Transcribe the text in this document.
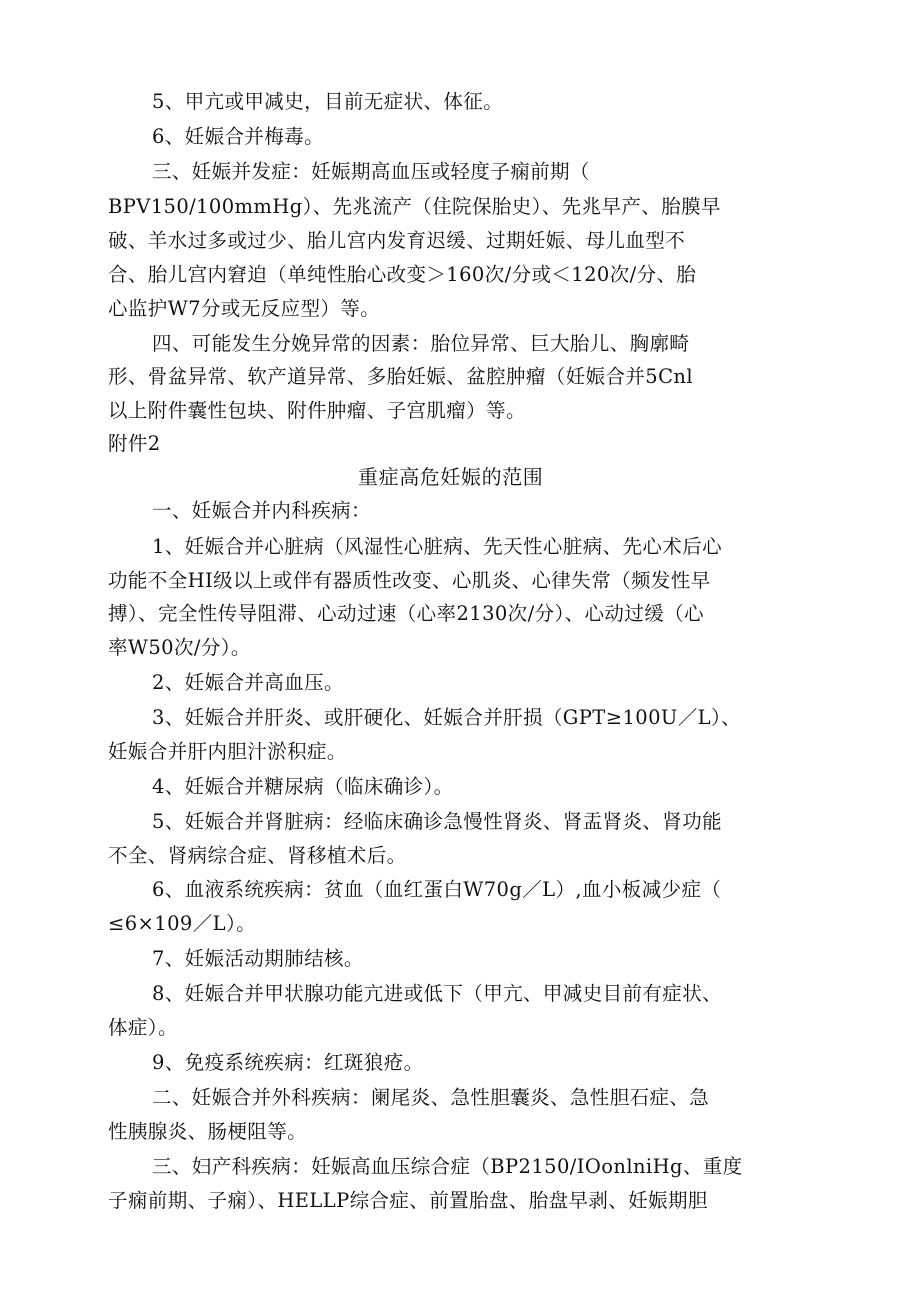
5、甲亢或甲减史，目前无症状、体征。
6、妊娠合并梅毒。
三、妊娠并发症：妊娠期高血压或轻度子痫前期（
BPV150/100mmHg）、先兆流产（住院保胎史）、先兆早产、胎膜早
破、羊水过多或过少、胎儿宫内发育迟缓、过期妊娠、母儿血型不
合、胎儿宫内窘迫（单纯性胎心改变＞160次/分或＜120次/分、胎
心监护W7分或无反应型）等。
四、可能发生分娩异常的因素：胎位异常、巨大胎儿、胸廓畸
形、骨盆异常、软产道异常、多胎妊娠、盆腔肿瘤（妊娠合并5Cnl
以上附件囊性包块、附件肿瘤、子宫肌瘤）等。
附件2
重症高危妊娠的范围
一、妊娠合并内科疾病：
1、妊娠合并心脏病（风湿性心脏病、先天性心脏病、先心术后心
功能不全HI级以上或伴有器质性改变、心肌炎、心律失常（频发性早
搏）、完全性传导阻滞、心动过速（心率2130次/分）、心动过缓（心
率W50次/分）。
2、妊娠合并高血压。
3、妊娠合并肝炎、或肝硬化、妊娠合并肝损（GPT≥100U／L）、
妊娠合并肝内胆汁淤积症。
4、妊娠合并糖尿病（临床确诊）。
5、妊娠合并肾脏病：经临床确诊急慢性肾炎、肾盂肾炎、肾功能
不全、肾病综合症、肾移植术后。
6、血液系统疾病：贫血（血红蛋白W70g／L）,血小板减少症（
≤6×109／L）。
7、妊娠活动期肺结核。
8、妊娠合并甲状腺功能亢进或低下（甲亢、甲减史目前有症状、
体症）。
9、免疫系统疾病：红斑狼疮。
二、妊娠合并外科疾病：阑尾炎、急性胆囊炎、急性胆石症、急
性胰腺炎、肠梗阻等。
三、妇产科疾病：妊娠高血压综合症（BP2150/IOonlniHg、重度
子痫前期、子痫）、HELLP综合症、前置胎盘、胎盘早剥、妊娠期胆
